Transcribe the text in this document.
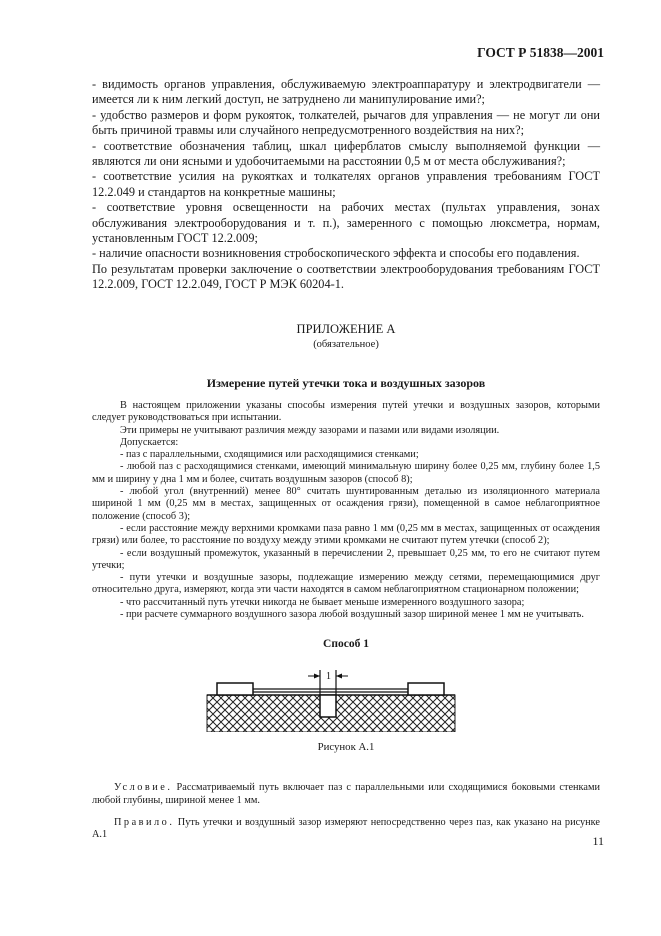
ГОСТ Р 51838—2001

- видимость органов управления, обслуживаемую электроаппаратуру и электродвигатели — имеется ли к ним легкий доступ, не затруднено ли манипулирование ими?;

- удобство размеров и форм рукояток, толкателей, рычагов для управления — не могут ли они быть причиной травмы или случайного непредусмотренного воздействия на них?;

- соответствие обозначения таблиц, шкал циферблатов смыслу выполняемой функции — являются ли они ясными и удобочитаемыми на расстоянии 0,5 м от места обслуживания?;

- соответствие усилия на рукоятках и толкателях органов управления требованиям ГОСТ 12.2.049 и стандартов на конкретные машины;

- соответствие уровня освещенности на рабочих местах (пультах управления, зонах обслуживания электрооборудования и т. п.), замеренного с помощью люксметра, нормам, установленным ГОСТ 12.2.009;

- наличие опасности возникновения стробоскопического эффекта и способы его подавления.

По результатам проверки заключение о соответствии электрооборудования требованиям ГОСТ 12.2.009, ГОСТ 12.2.049, ГОСТ Р МЭК 60204-1.

ПРИЛОЖЕНИЕ А
(обязательное)
Измерение путей утечки тока и воздушных зазоров

В настоящем приложении указаны способы измерения путей утечки и воздушных зазоров, которыми следует руководствоваться при испытании.

Эти примеры не учитывают различия между зазорами и пазами или видами изоляции.

Допускается:

- паз с параллельными, сходящимися или расходящимися стенками;

- любой паз с расходящимися стенками, имеющий минимальную ширину более 0,25 мм, глубину более 1,5 мм и ширину у дна 1 мм и более, считать воздушным зазоров (способ 8);

- любой угол (внутренний) менее 80° считать шунтированным деталью из изоляционного материала шириной 1 мм (0,25 мм в местах, защищенных от осаждения грязи), помещенной в самое неблагоприятное положение (способ 3);

- если расстояние между верхними кромками паза равно 1 мм (0,25 мм в местах, защищенных от осаждения грязи) или более, то расстояние по воздуху между этими кромками не считают путем утечки (способ 2);

- если воздушный промежуток, указанный в перечислении 2, превышает 0,25 мм, то его не считают путем утечки;

- пути утечки и воздушные зазоры, подлежащие измерению между сетями, перемещающимися друг относительно друга, измеряют, когда эти части находятся в самом неблагоприятном стационарном положении;

- что рассчитанный путь утечки никогда не бывает меньше измеренного воздушного зазора;

- при расчете суммарного воздушного зазора любой воздушный зазор шириной менее 1 мм не учитывать.

Способ 1
1
Рисунок А.1

Условие. Рассматриваемый путь включает паз с параллельными или сходящимися боковыми стенками любой глубины, шириной менее 1 мм.

Правило. Путь утечки и воздушный зазор измеряют непосредственно через паз, как указано на рисунке А.1	11
